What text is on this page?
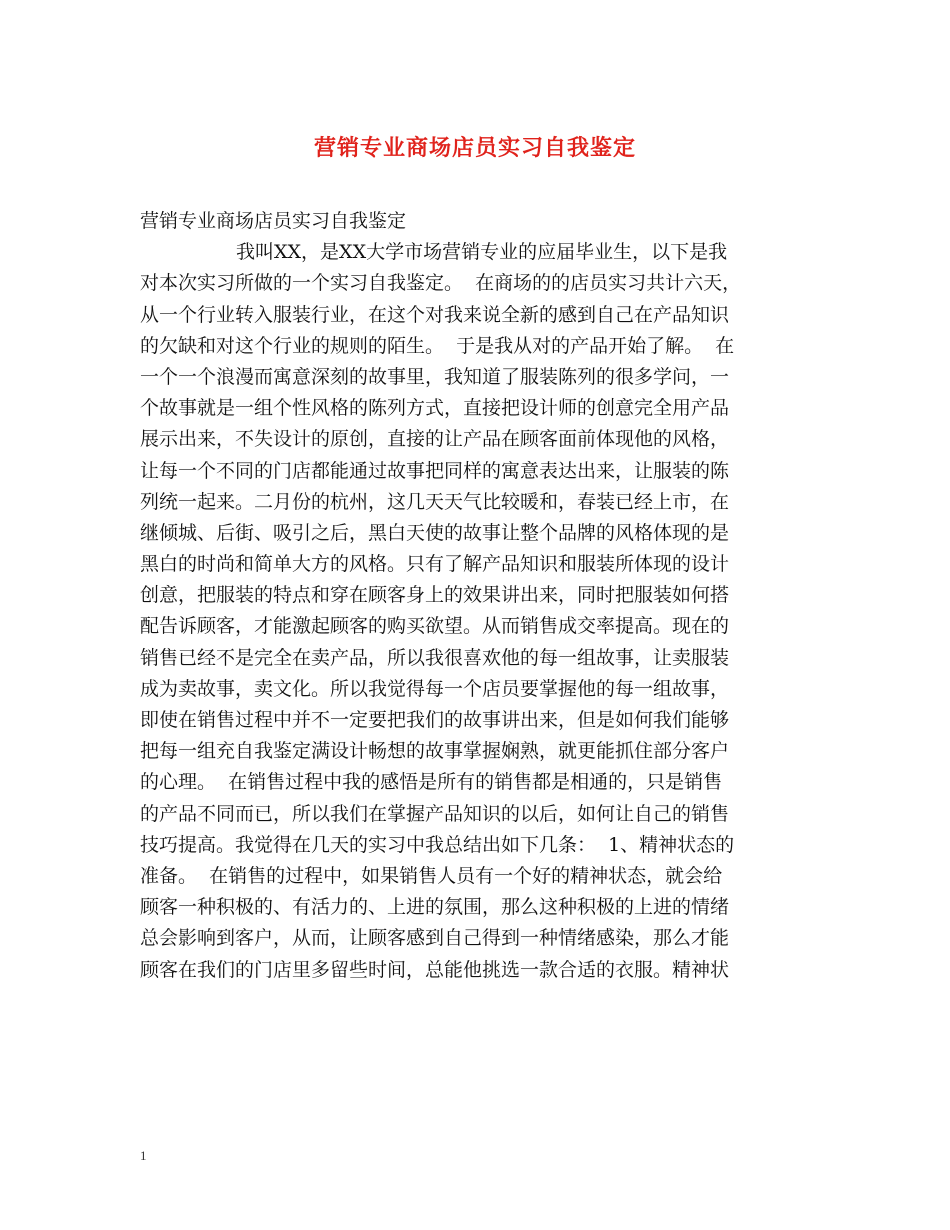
营销专业商场店员实习自我鉴定
营销专业商场店员实习自我鉴定
我叫XX，是XX大学市场营销专业的应届毕业生，以下是我
对本次实习所做的一个实习自我鉴定。  在商场的的店员实习共计六天，
从一个行业转入服装行业，在这个对我来说全新的感到自己在产品知识
的欠缺和对这个行业的规则的陌生。  于是我从对的产品开始了解。  在
一个一个浪漫而寓意深刻的故事里，我知道了服装陈列的很多学问，一
个故事就是一组个性风格的陈列方式，直接把设计师的创意完全用产品
展示出来，不失设计的原创，直接的让产品在顾客面前体现他的风格，
让每一个不同的门店都能通过故事把同样的寓意表达出来，让服装的陈
列统一起来。二月份的杭州，这几天天气比较暖和，春装已经上市，在
继倾城、后街、吸引之后，黑白天使的故事让整个品牌的风格体现的是
黑白的时尚和简单大方的风格。只有了解产品知识和服装所体现的设计
创意，把服装的特点和穿在顾客身上的效果讲出来，同时把服装如何搭
配告诉顾客，才能激起顾客的购买欲望。从而销售成交率提高。现在的
销售已经不是完全在卖产品，所以我很喜欢他的每一组故事，让卖服装
成为卖故事，卖文化。所以我觉得每一个店员要掌握他的每一组故事，
即使在销售过程中并不一定要把我们的故事讲出来，但是如何我们能够
把每一组充自我鉴定满设计畅想的故事掌握娴熟，就更能抓住部分客户
的心理。  在销售过程中我的感悟是所有的销售都是相通的，只是销售
的产品不同而已，所以我们在掌握产品知识的以后，如何让自己的销售
技巧提高。我觉得在几天的实习中我总结出如下几条：  1、精神状态的
准备。  在销售的过程中，如果销售人员有一个好的精神状态，就会给
顾客一种积极的、有活力的、上进的氛围，那么这种积极的上进的情绪
总会影响到客户，从而，让顾客感到自己得到一种情绪感染，那么才能
顾客在我们的门店里多留些时间，总能他挑选一款合适的衣服。精神状
1
